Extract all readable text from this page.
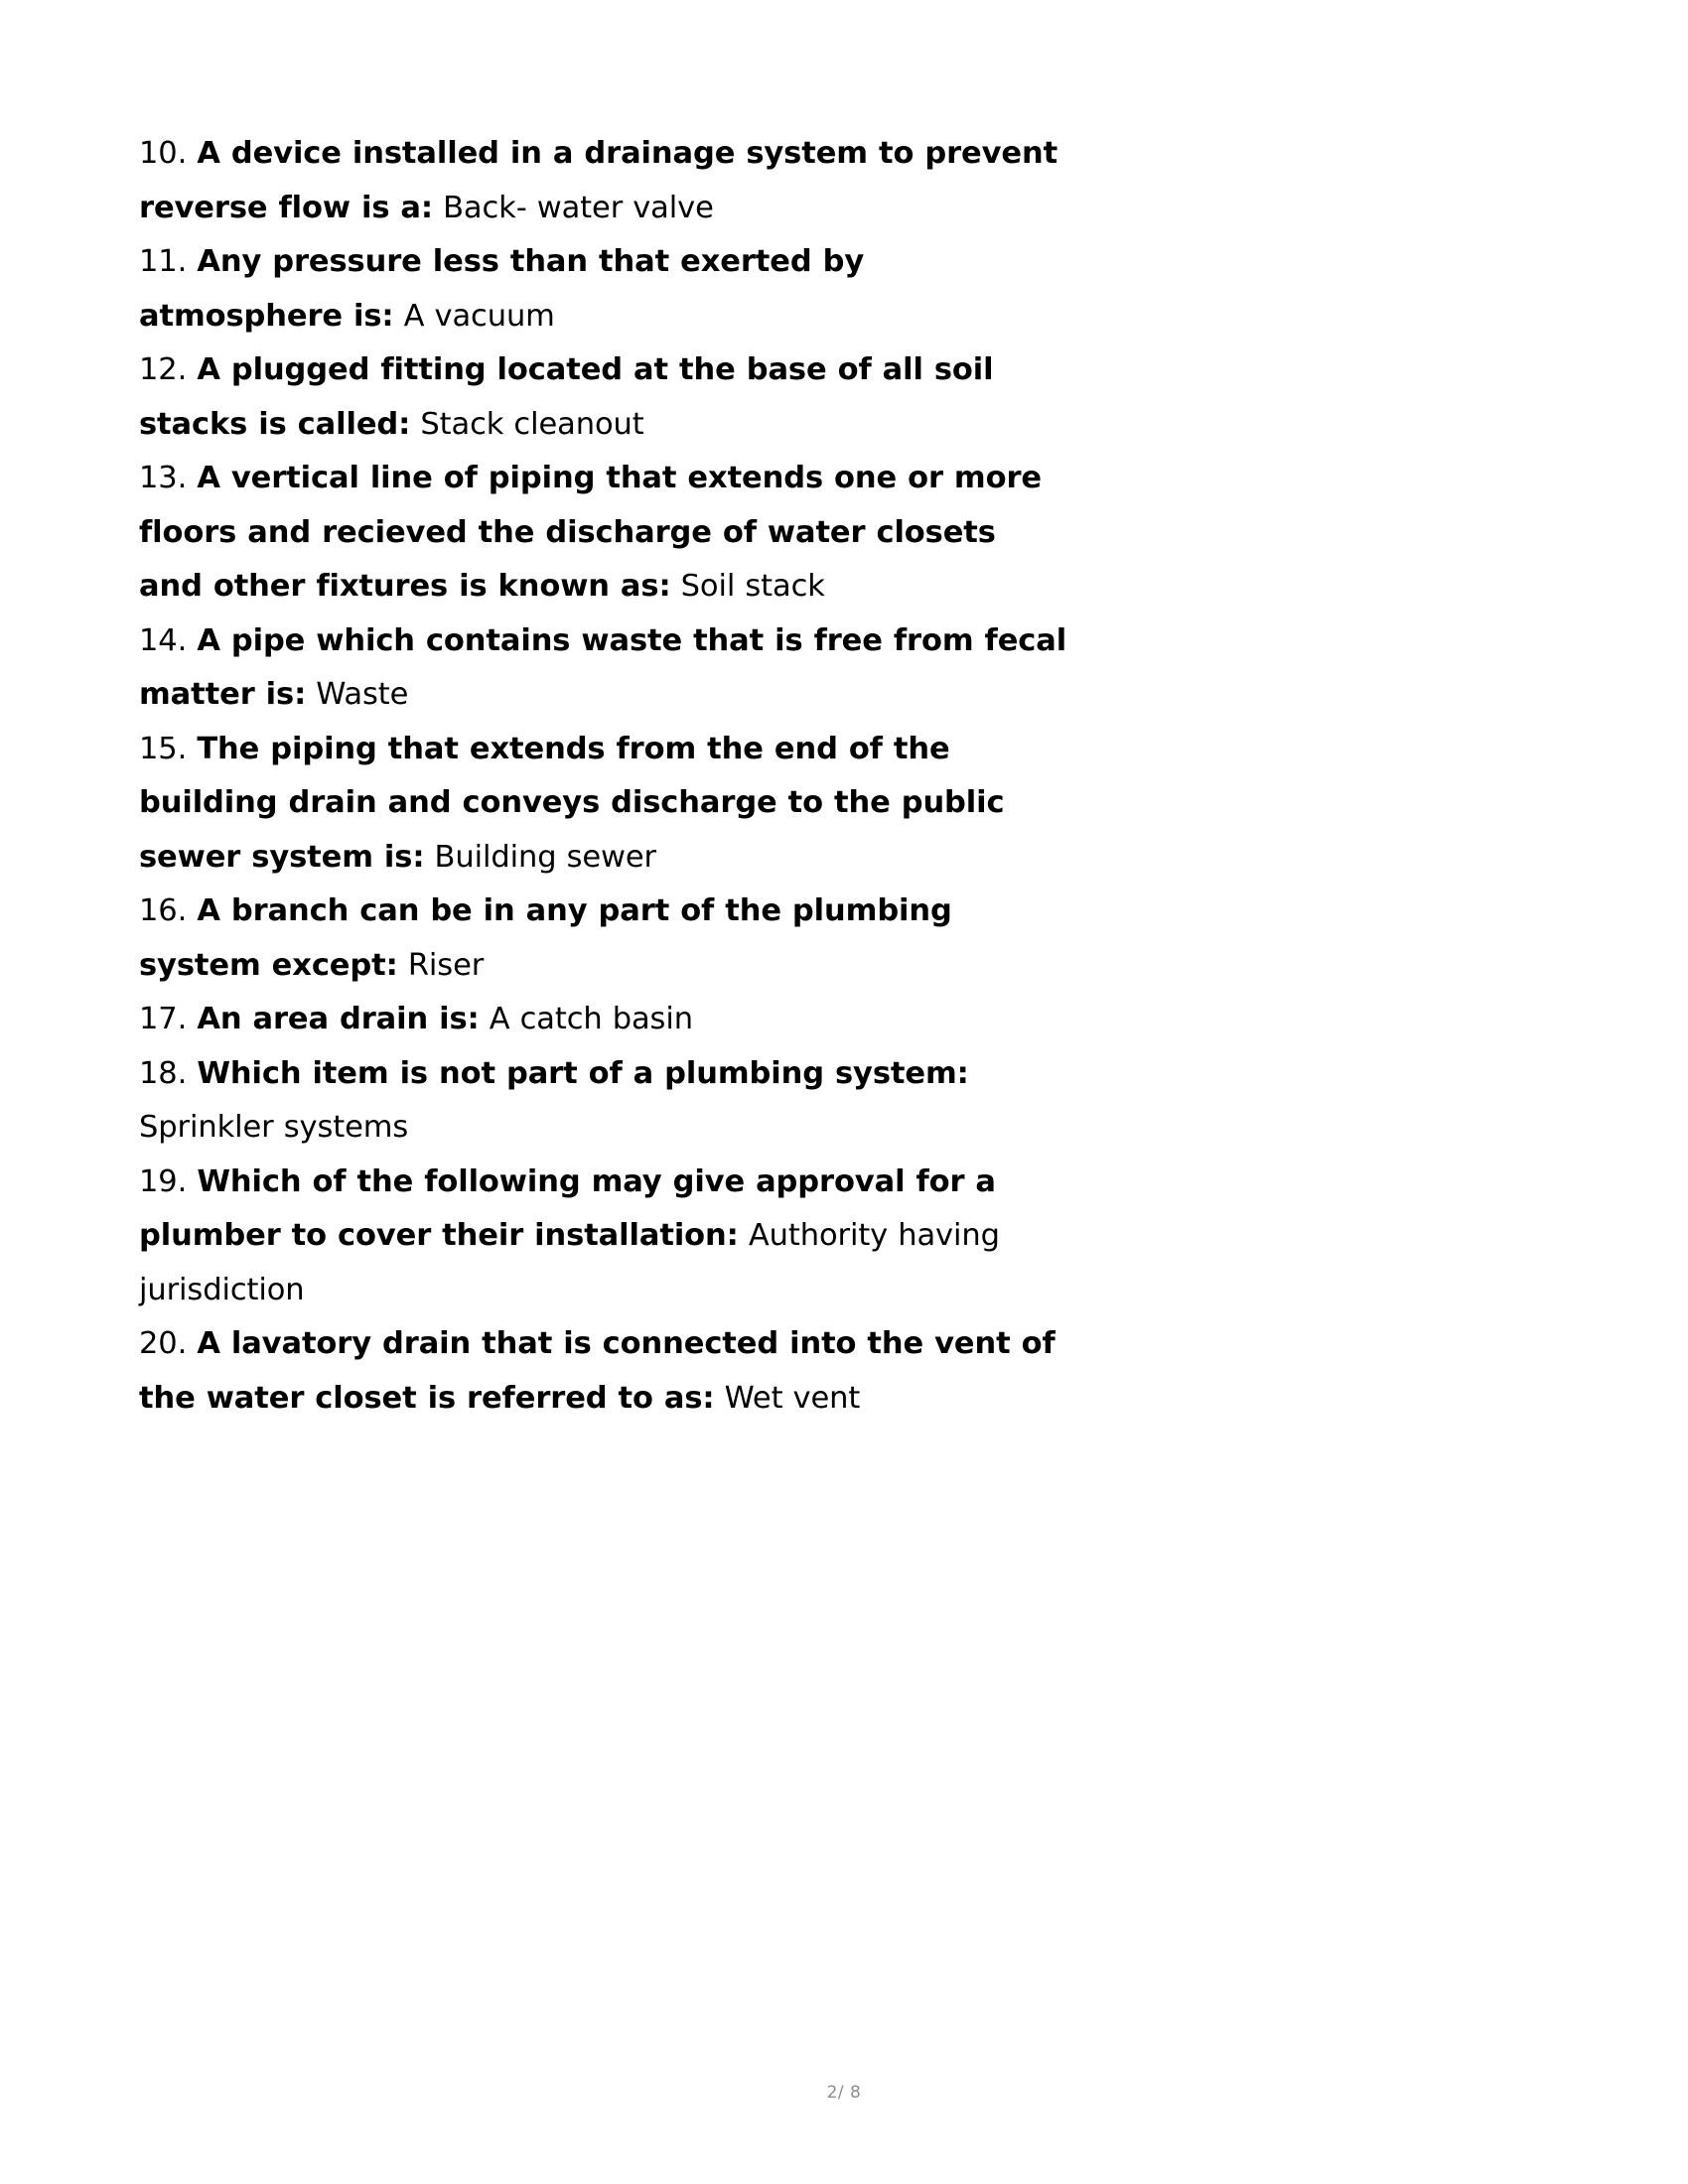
10. A device installed in a drainage system to prevent reverse flow is a: Back- water valve

11. Any pressure less than that exerted by atmosphere is: A vacuum

12. A plugged fitting located at the base of all soil stacks is called: Stack cleanout

13. A vertical line of piping that extends one or more floors and recieved the discharge of water closets and other fixtures is known as: Soil stack

14. A pipe which contains waste that is free from fecal matter is: Waste

15. The piping that extends from the end of the building drain and conveys discharge to the public sewer system is: Building sewer

16. A branch can be in any part of the plumbing system except: Riser

17. An area drain is: A catch basin

18. Which item is not part of a plumbing system: Sprinkler systems

19. Which of the following may give approval for a plumber to cover their installation: Authority having jurisdiction

20. A lavatory drain that is connected into the vent of the water closet is referred to as: Wet vent

2/ 8
